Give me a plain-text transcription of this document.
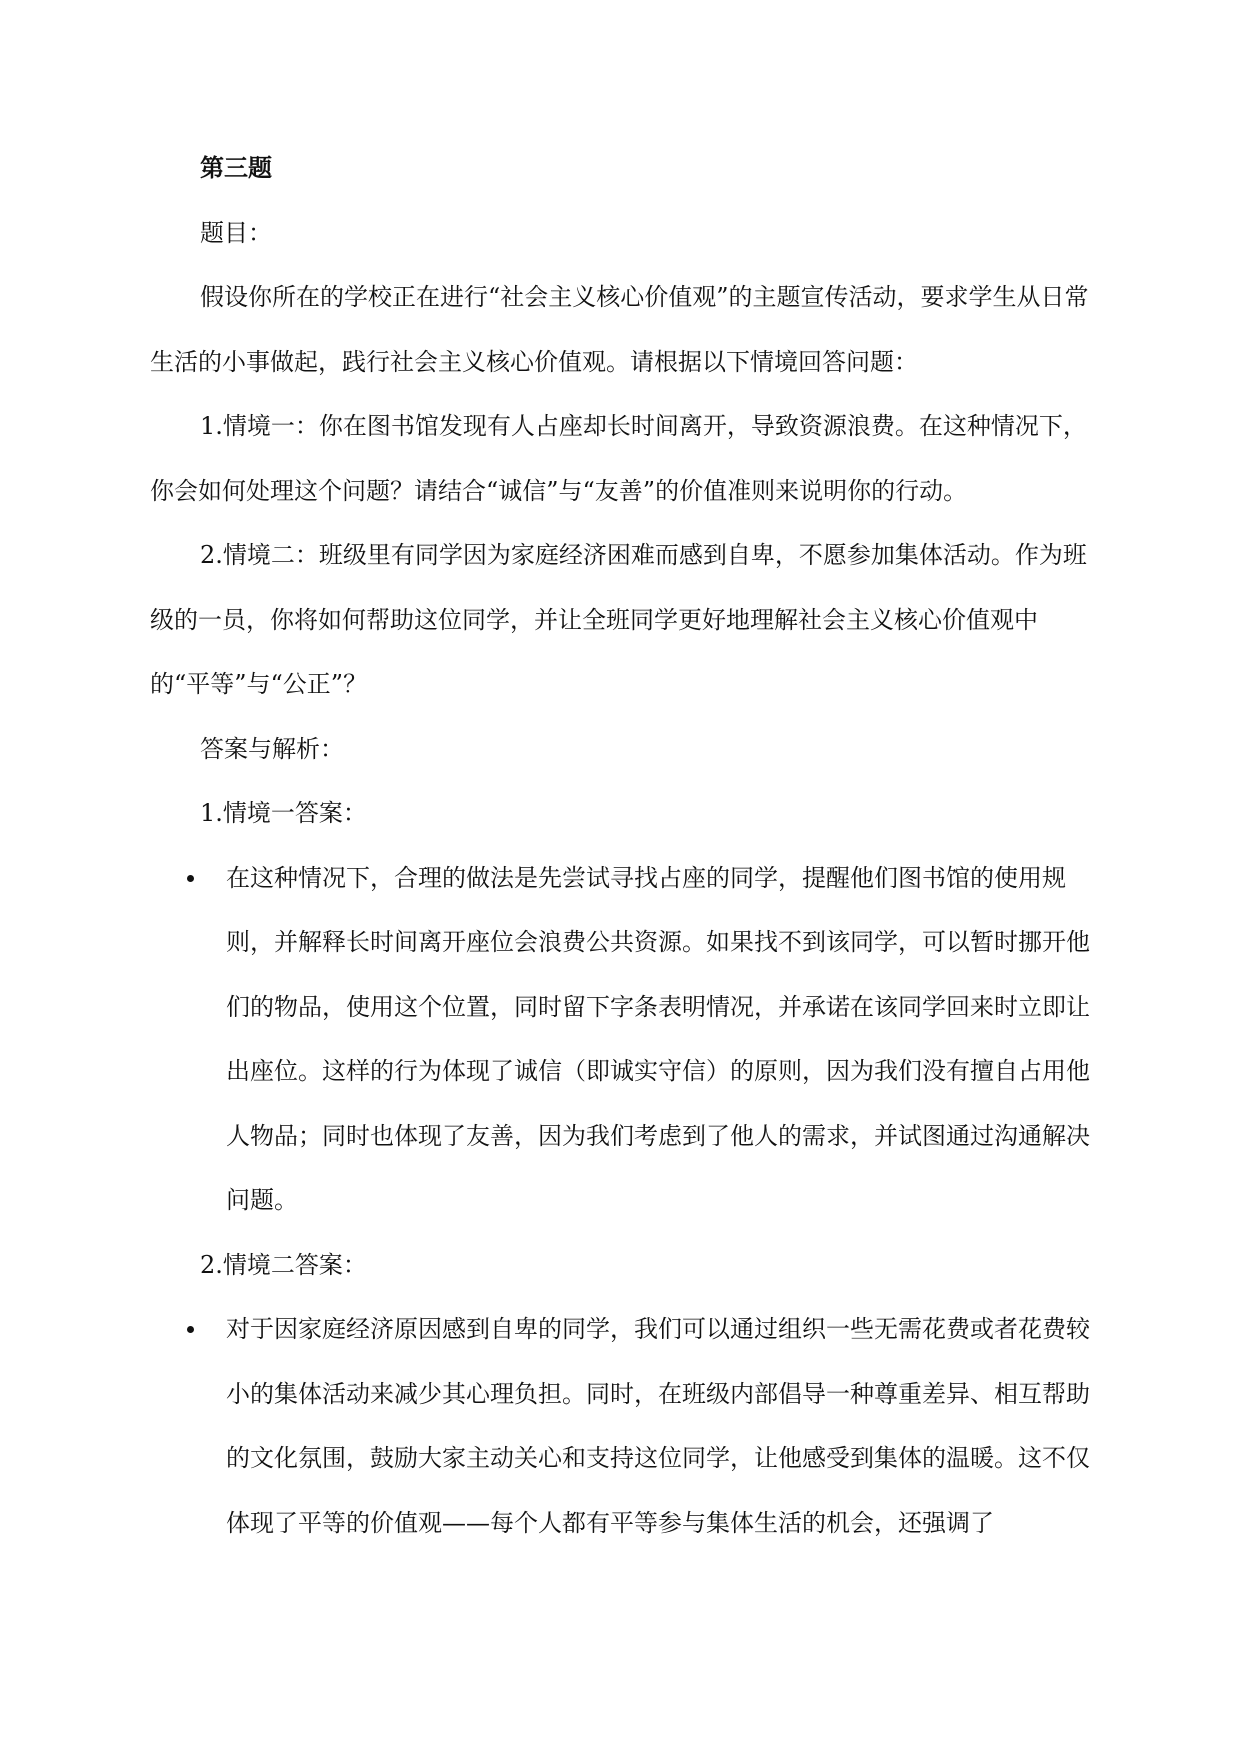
第三题

题目：

假设你所在的学校正在进行“社会主义核心价值观”的主题宣传活动，要求学生从日常生活的小事做起，践行社会主义核心价值观。请根据以下情境回答问题：

1.情境一：你在图书馆发现有人占座却长时间离开，导致资源浪费。在这种情况下，你会如何处理这个问题？请结合“诚信”与“友善”的价值准则来说明你的行动。

2.情境二：班级里有同学因为家庭经济困难而感到自卑，不愿参加集体活动。作为班级的一员，你将如何帮助这位同学，并让全班同学更好地理解社会主义核心价值观中的“平等”与“公正”？

答案与解析：

1.情境一答案：

在这种情况下，合理的做法是先尝试寻找占座的同学，提醒他们图书馆的使用规则，并解释长时间离开座位会浪费公共资源。如果找不到该同学，可以暂时挪开他们的物品，使用这个位置，同时留下字条表明情况，并承诺在该同学回来时立即让出座位。这样的行为体现了诚信（即诚实守信）的原则，因为我们没有擅自占用他人物品；同时也体现了友善，因为我们考虑到了他人的需求，并试图通过沟通解决问题。

2.情境二答案：

对于因家庭经济原因感到自卑的同学，我们可以通过组织一些无需花费或者花费较小的集体活动来减少其心理负担。同时，在班级内部倡导一种尊重差异、相互帮助的文化氛围，鼓励大家主动关心和支持这位同学，让他感受到集体的温暖。这不仅体现了平等的价值观——每个人都有平等参与集体生活的机会，还强调了
